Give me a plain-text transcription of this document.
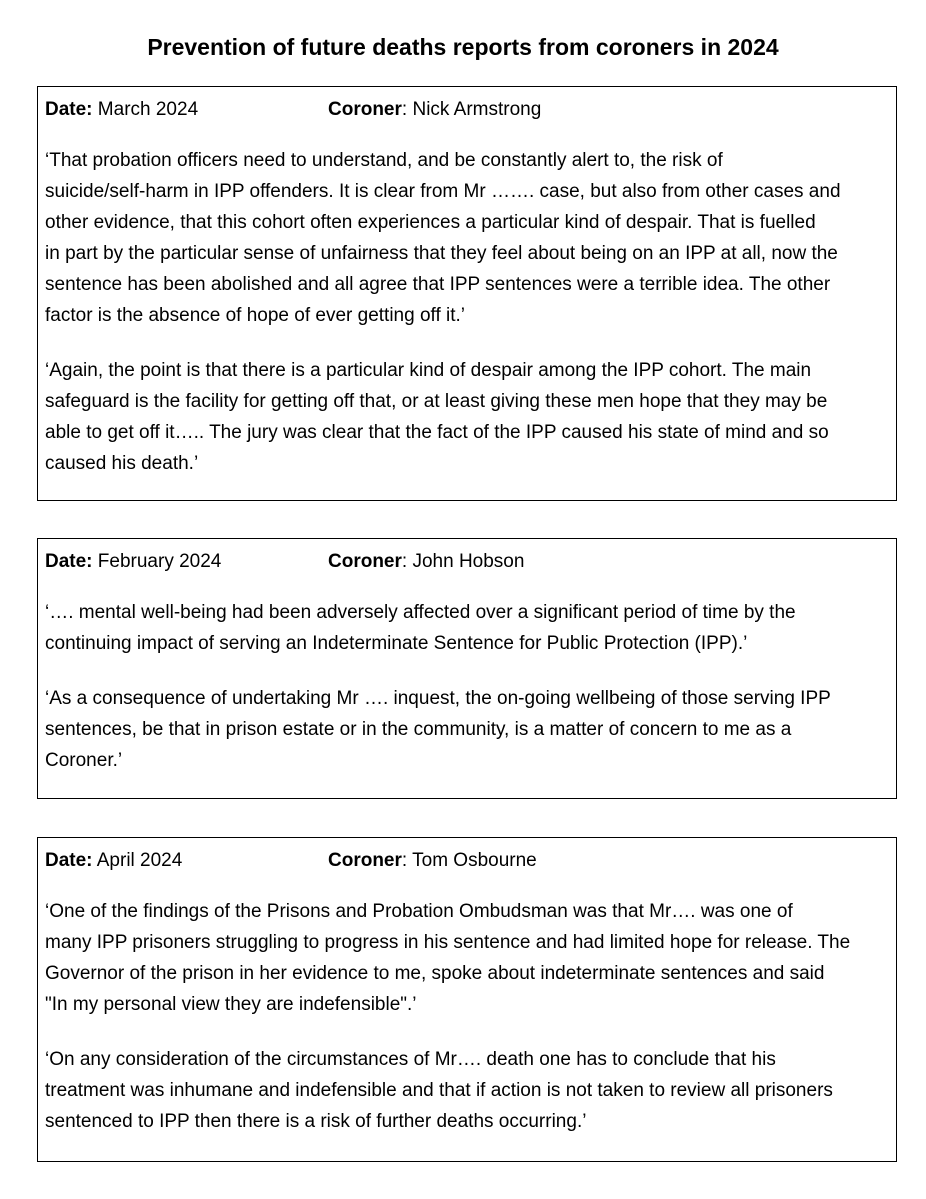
Prevention of future deaths reports from coroners in 2024
Date: March 2024	Coroner: Nick Armstrong

‘That probation officers need to understand, and be constantly alert to, the risk of
suicide/self-harm in IPP offenders. It is clear from Mr ……. case, but also from other cases and
other evidence, that this cohort often experiences a particular kind of despair. That is fuelled
in part by the particular sense of unfairness that they feel about being on an IPP at all, now the
sentence has been abolished and all agree that IPP sentences were a terrible idea. The other
factor is the absence of hope of ever getting off it.’

‘Again, the point is that there is a particular kind of despair among the IPP cohort. The main
safeguard is the facility for getting off that, or at least giving these men hope that they may be
able to get off it….. The jury was clear that the fact of the IPP caused his state of mind and so
caused his death.’

Date: February 2024	Coroner: John Hobson

‘…. mental well-being had been adversely affected over a significant period of time by the
continuing impact of serving an Indeterminate Sentence for Public Protection (IPP).’

‘As a consequence of undertaking Mr …. inquest, the on-going wellbeing of those serving IPP
sentences, be that in prison estate or in the community, is a matter of concern to me as a
Coroner.’

Date: April 2024	Coroner: Tom Osbourne

‘One of the findings of the Prisons and Probation Ombudsman was that Mr…. was one of
many IPP prisoners struggling to progress in his sentence and had limited hope for release. The
Governor of the prison in her evidence to me, spoke about indeterminate sentences and said
"In my personal view they are indefensible".’

‘On any consideration of the circumstances of Mr…. death one has to conclude that his
treatment was inhumane and indefensible and that if action is not taken to review all prisoners
sentenced to IPP then there is a risk of further deaths occurring.’
